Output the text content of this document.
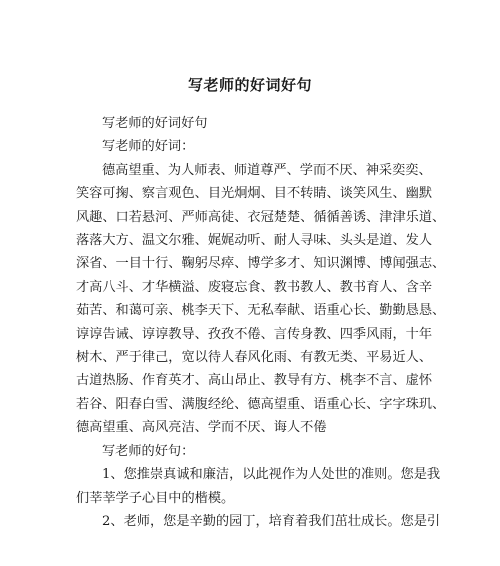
写老师的好词好句

写老师的好词好句

写老师的好词：

德高望重、为人师表、师道尊严、学而不厌、神采奕奕、
笑容可掬、察言观色、目光炯炯、目不转睛、谈笑风生、幽默
风趣、口若悬河、严师高徒、衣冠楚楚、循循善诱、津津乐道、
落落大方、温文尔雅、娓娓动听、耐人寻味、头头是道、发人
深省、一目十行、鞠躬尽瘁、博学多才、知识渊博、博闻强志、
才高八斗、才华横溢、废寝忘食、教书教人、教书育人、含辛
茹苦、和蔼可亲、桃李天下、无私奉献、语重心长、勤勤恳恳、
谆谆告诫、谆谆教导、孜孜不倦、言传身教、四季风雨，十年
树木、严于律己，宽以待人春风化雨、有教无类、平易近人、
古道热肠、作育英才、高山昂止、教导有方、桃李不言、虚怀
若谷、阳春白雪、满腹经纶、德高望重、语重心长、字字珠玑、
德高望重、高风亮洁、学而不厌、诲人不倦

写老师的好句：

1、您推崇真诚和廉洁，以此视作为人处世的准则。您是我
们莘莘学子心目中的楷模。

2、老师，您是辛勤的园丁，培育着我们茁壮成长。您是引
